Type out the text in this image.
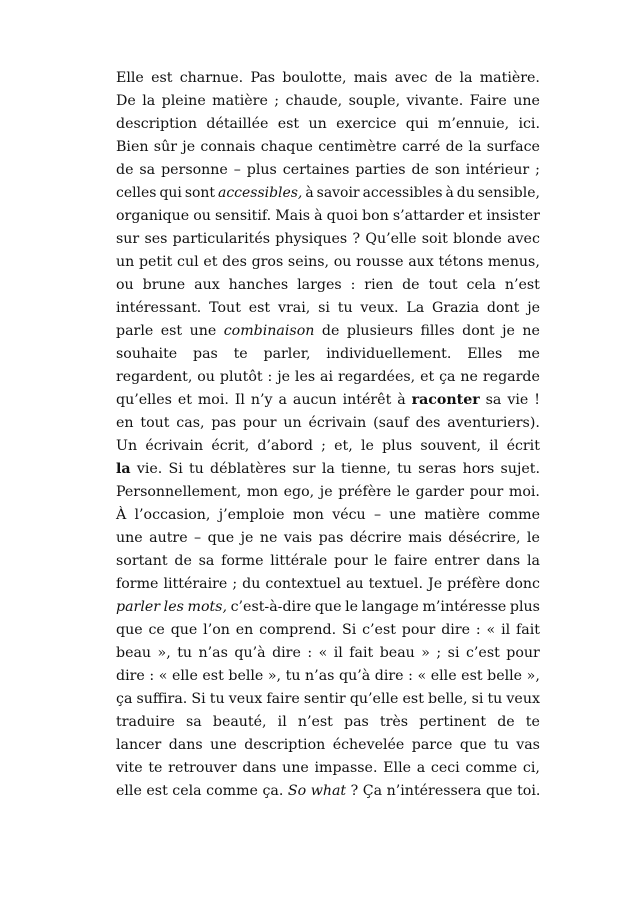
Elle est charnue. Pas boulotte, mais avec de la matière.
De la pleine matière ; chaude, souple, vivante. Faire une
description détaillée est un exercice qui m’ennuie, ici.
Bien sûr je connais chaque centimètre carré de la surface
de sa personne – plus certaines parties de son intérieur ;
celles qui sont accessibles, à savoir accessibles à du sensible,
organique ou sensitif. Mais à quoi bon s’attarder et insister
sur ses particularités physiques ? Qu’elle soit blonde avec
un petit cul et des gros seins, ou rousse aux tétons menus,
ou brune aux hanches larges : rien de tout cela n’est
intéressant. Tout est vrai, si tu veux. La Grazia dont je
parle est une combinaison de plusieurs filles dont je ne
souhaite pas te parler, individuellement. Elles me
regardent, ou plutôt : je les ai regardées, et ça ne regarde
qu’elles et moi. Il n’y a aucun intérêt à raconter sa vie !
en tout cas, pas pour un écrivain (sauf des aventuriers).
Un écrivain écrit, d’abord ; et, le plus souvent, il écrit
la vie. Si tu déblatères sur la tienne, tu seras hors sujet.
Personnellement, mon ego, je préfère le garder pour moi.
À l’occasion, j’emploie mon vécu – une matière comme
une autre – que je ne vais pas décrire mais désécrire, le
sortant de sa forme littérale pour le faire entrer dans la
forme littéraire ; du contextuel au textuel. Je préfère donc
parler les mots, c’est-à-dire que le langage m’intéresse plus
que ce que l’on en comprend. Si c’est pour dire : « il fait
beau », tu n’as qu’à dire : « il fait beau » ; si c’est pour
dire : « elle est belle », tu n’as qu’à dire : « elle est belle »,
ça suffira. Si tu veux faire sentir qu’elle est belle, si tu veux
traduire sa beauté, il n’est pas très pertinent de te
lancer dans une description échevelée parce que tu vas
vite te retrouver dans une impasse. Elle a ceci comme ci,
elle
est
cela
comme
ça.
So
what
?
Ça
n’intéressera
que
toi.
